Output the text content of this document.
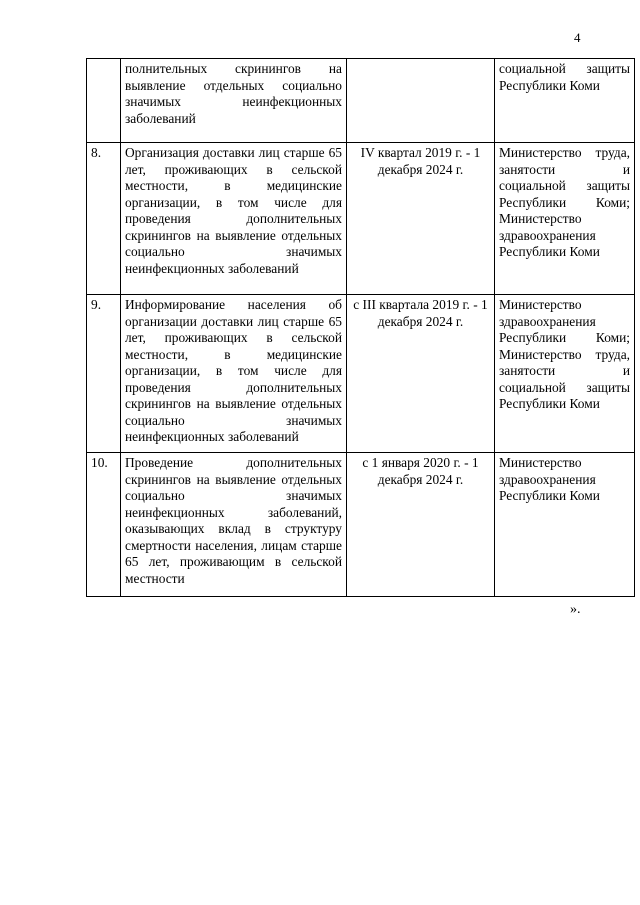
4

	полнительных скринингов на выявление отдельных социально значимых неинфекционных заболеваний		социальной защиты Республики Коми

8.	Организация доставки лиц старше 65 лет, проживающих в сельской местности, в медицинские организации, в том числе для проведения дополнительных скринингов на выявление отдельных социально значимых неинфекционных заболеваний	IV квартал 2019 г. - 1 декабря 2024 г.	Министерство труда, занятости и социальной защиты Республики Коми; Министерство здравоохранения Республики Коми

9.	Информирование населения об организации доставки лиц старше 65 лет, проживающих в сельской местности, в медицинские организации, в том числе для проведения дополнительных скринингов на выявление отдельных социально значимых неинфекционных заболеваний	с III квартала 2019 г. - 1 декабря 2024 г.	Министерство здравоохранения Республики Коми; Министерство труда, занятости и социальной защиты Республики Коми

10.	Проведение дополнительных скринингов на выявление отдельных социально значимых неинфекционных заболеваний, оказывающих вклад в структуру смертности населения, лицам старше 65 лет, проживающим в сельской местности	с 1 января 2020 г. - 1 декабря 2024 г.	Министерство здравоохранения Республики Коми
».
